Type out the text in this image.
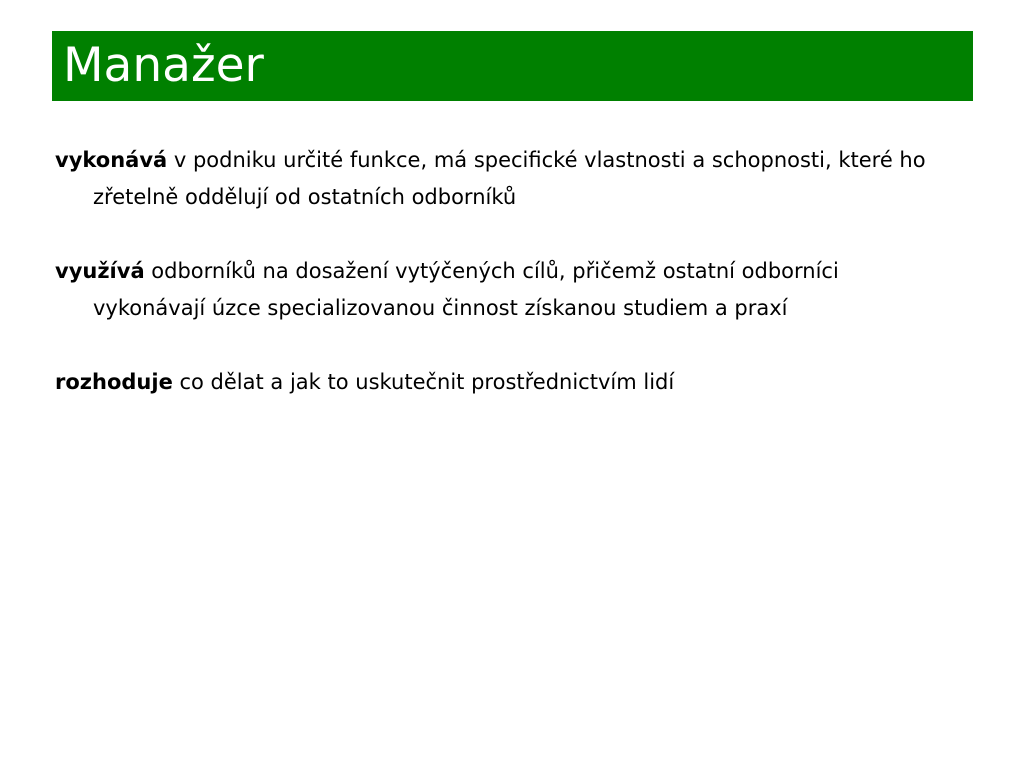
Manažer

vykonává v podniku určité funkce, má specifické vlastnosti a schopnosti, které ho zřetelně oddělují od ostatních odborníků

využívá odborníků na dosažení vytýčených cílů, přičemž ostatní odborníci vykonávají úzce specializovanou činnost získanou studiem a praxí

rozhoduje co dělat a jak to uskutečnit prostřednictvím lidí
